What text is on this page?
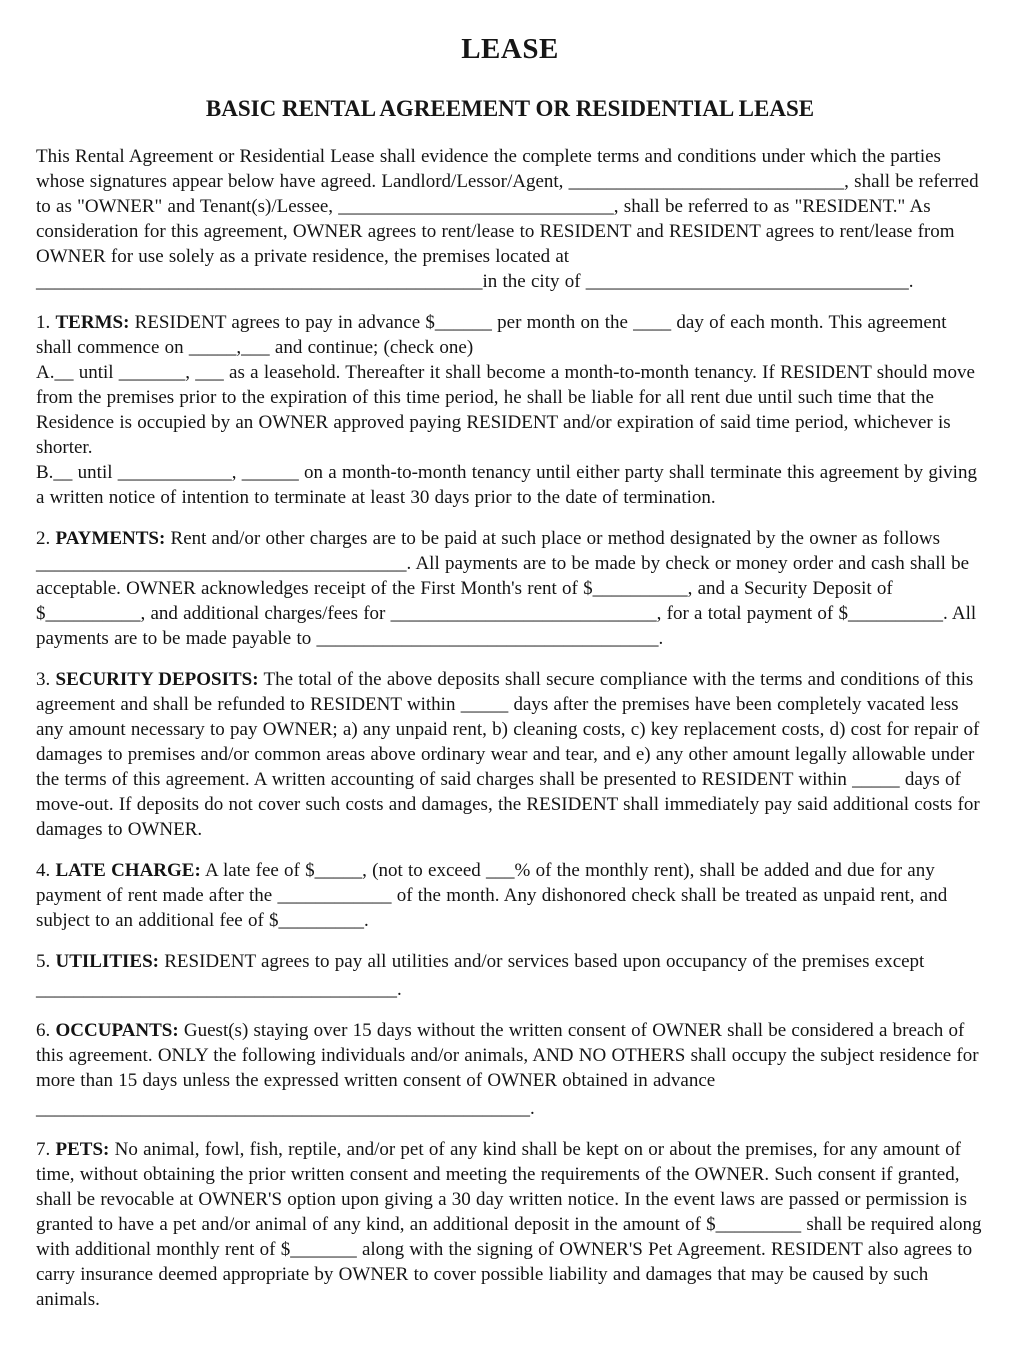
LEASE
BASIC RENTAL AGREEMENT OR RESIDENTIAL LEASE

This Rental Agreement or Residential Lease shall evidence the complete terms and conditions under which the parties whose signatures appear below have agreed. Landlord/Lessor/Agent, _____________________________, shall be referred to as "OWNER" and Tenant(s)/Lessee, _____________________________, shall be referred to as "RESIDENT." As consideration for this agreement, OWNER agrees to rent/lease to RESIDENT and RESIDENT agrees to rent/lease from OWNER for use solely as a private residence, the premises located at _______________________________________________in the city of __________________________________.

1. TERMS: RESIDENT agrees to pay in advance $______ per month on the ____ day of each month. This agreement shall commence on _____,___ and continue; (check one)
A.__ until _______, ___ as a leasehold. Thereafter it shall become a month-to-month tenancy. If RESIDENT should move from the premises prior to the expiration of this time period, he shall be liable for all rent due until such time that the Residence is occupied by an OWNER approved paying RESIDENT and/or expiration of said time period, whichever is shorter.
B.__ until ____________, ______ on a month-to-month tenancy until either party shall terminate this agreement by giving a written notice of intention to terminate at least 30 days prior to the date of termination.

2. PAYMENTS: Rent and/or other charges are to be paid at such place or method designated by the owner as follows _______________________________________. All payments are to be made by check or money order and cash shall be acceptable. OWNER acknowledges receipt of the First Month's rent of $__________, and a Security Deposit of $__________, and additional charges/fees for ____________________________, for a total payment of $__________. All payments are to be made payable to ____________________________________.

3. SECURITY DEPOSITS: The total of the above deposits shall secure compliance with the terms and conditions of this agreement and shall be refunded to RESIDENT within _____ days after the premises have been completely vacated less any amount necessary to pay OWNER; a) any unpaid rent, b) cleaning costs, c) key replacement costs, d) cost for repair of damages to premises and/or common areas above ordinary wear and tear, and e) any other amount legally allowable under the terms of this agreement. A written accounting of said charges shall be presented to RESIDENT within _____ days of move-out. If deposits do not cover such costs and damages, the RESIDENT shall immediately pay said additional costs for damages to OWNER.

4. LATE CHARGE: A late fee of $_____, (not to exceed ___% of the monthly rent), shall be added and due for any payment of rent made after the ____________ of the month. Any dishonored check shall be treated as unpaid rent, and subject to an additional fee of $_________.

5. UTILITIES: RESIDENT agrees to pay all utilities and/or services based upon occupancy of the premises except
______________________________________.

6. OCCUPANTS: Guest(s) staying over 15 days without the written consent of OWNER shall be considered a breach of this agreement. ONLY the following individuals and/or animals, AND NO OTHERS shall occupy the subject residence for more than 15 days unless the expressed written consent of OWNER obtained in advance
____________________________________________________.

7. PETS: No animal, fowl, fish, reptile, and/or pet of any kind shall be kept on or about the premises, for any amount of time, without obtaining the prior written consent and meeting the requirements of the OWNER. Such consent if granted, shall be revocable at OWNER'S option upon giving a 30 day written notice. In the event laws are passed or permission is granted to have a pet and/or animal of any kind, an additional deposit in the amount of $_________ shall be required along with additional monthly rent of $_______ along with the signing of OWNER'S Pet Agreement. RESIDENT also agrees to carry insurance deemed appropriate by OWNER to cover possible liability and damages that may be caused by such animals.
